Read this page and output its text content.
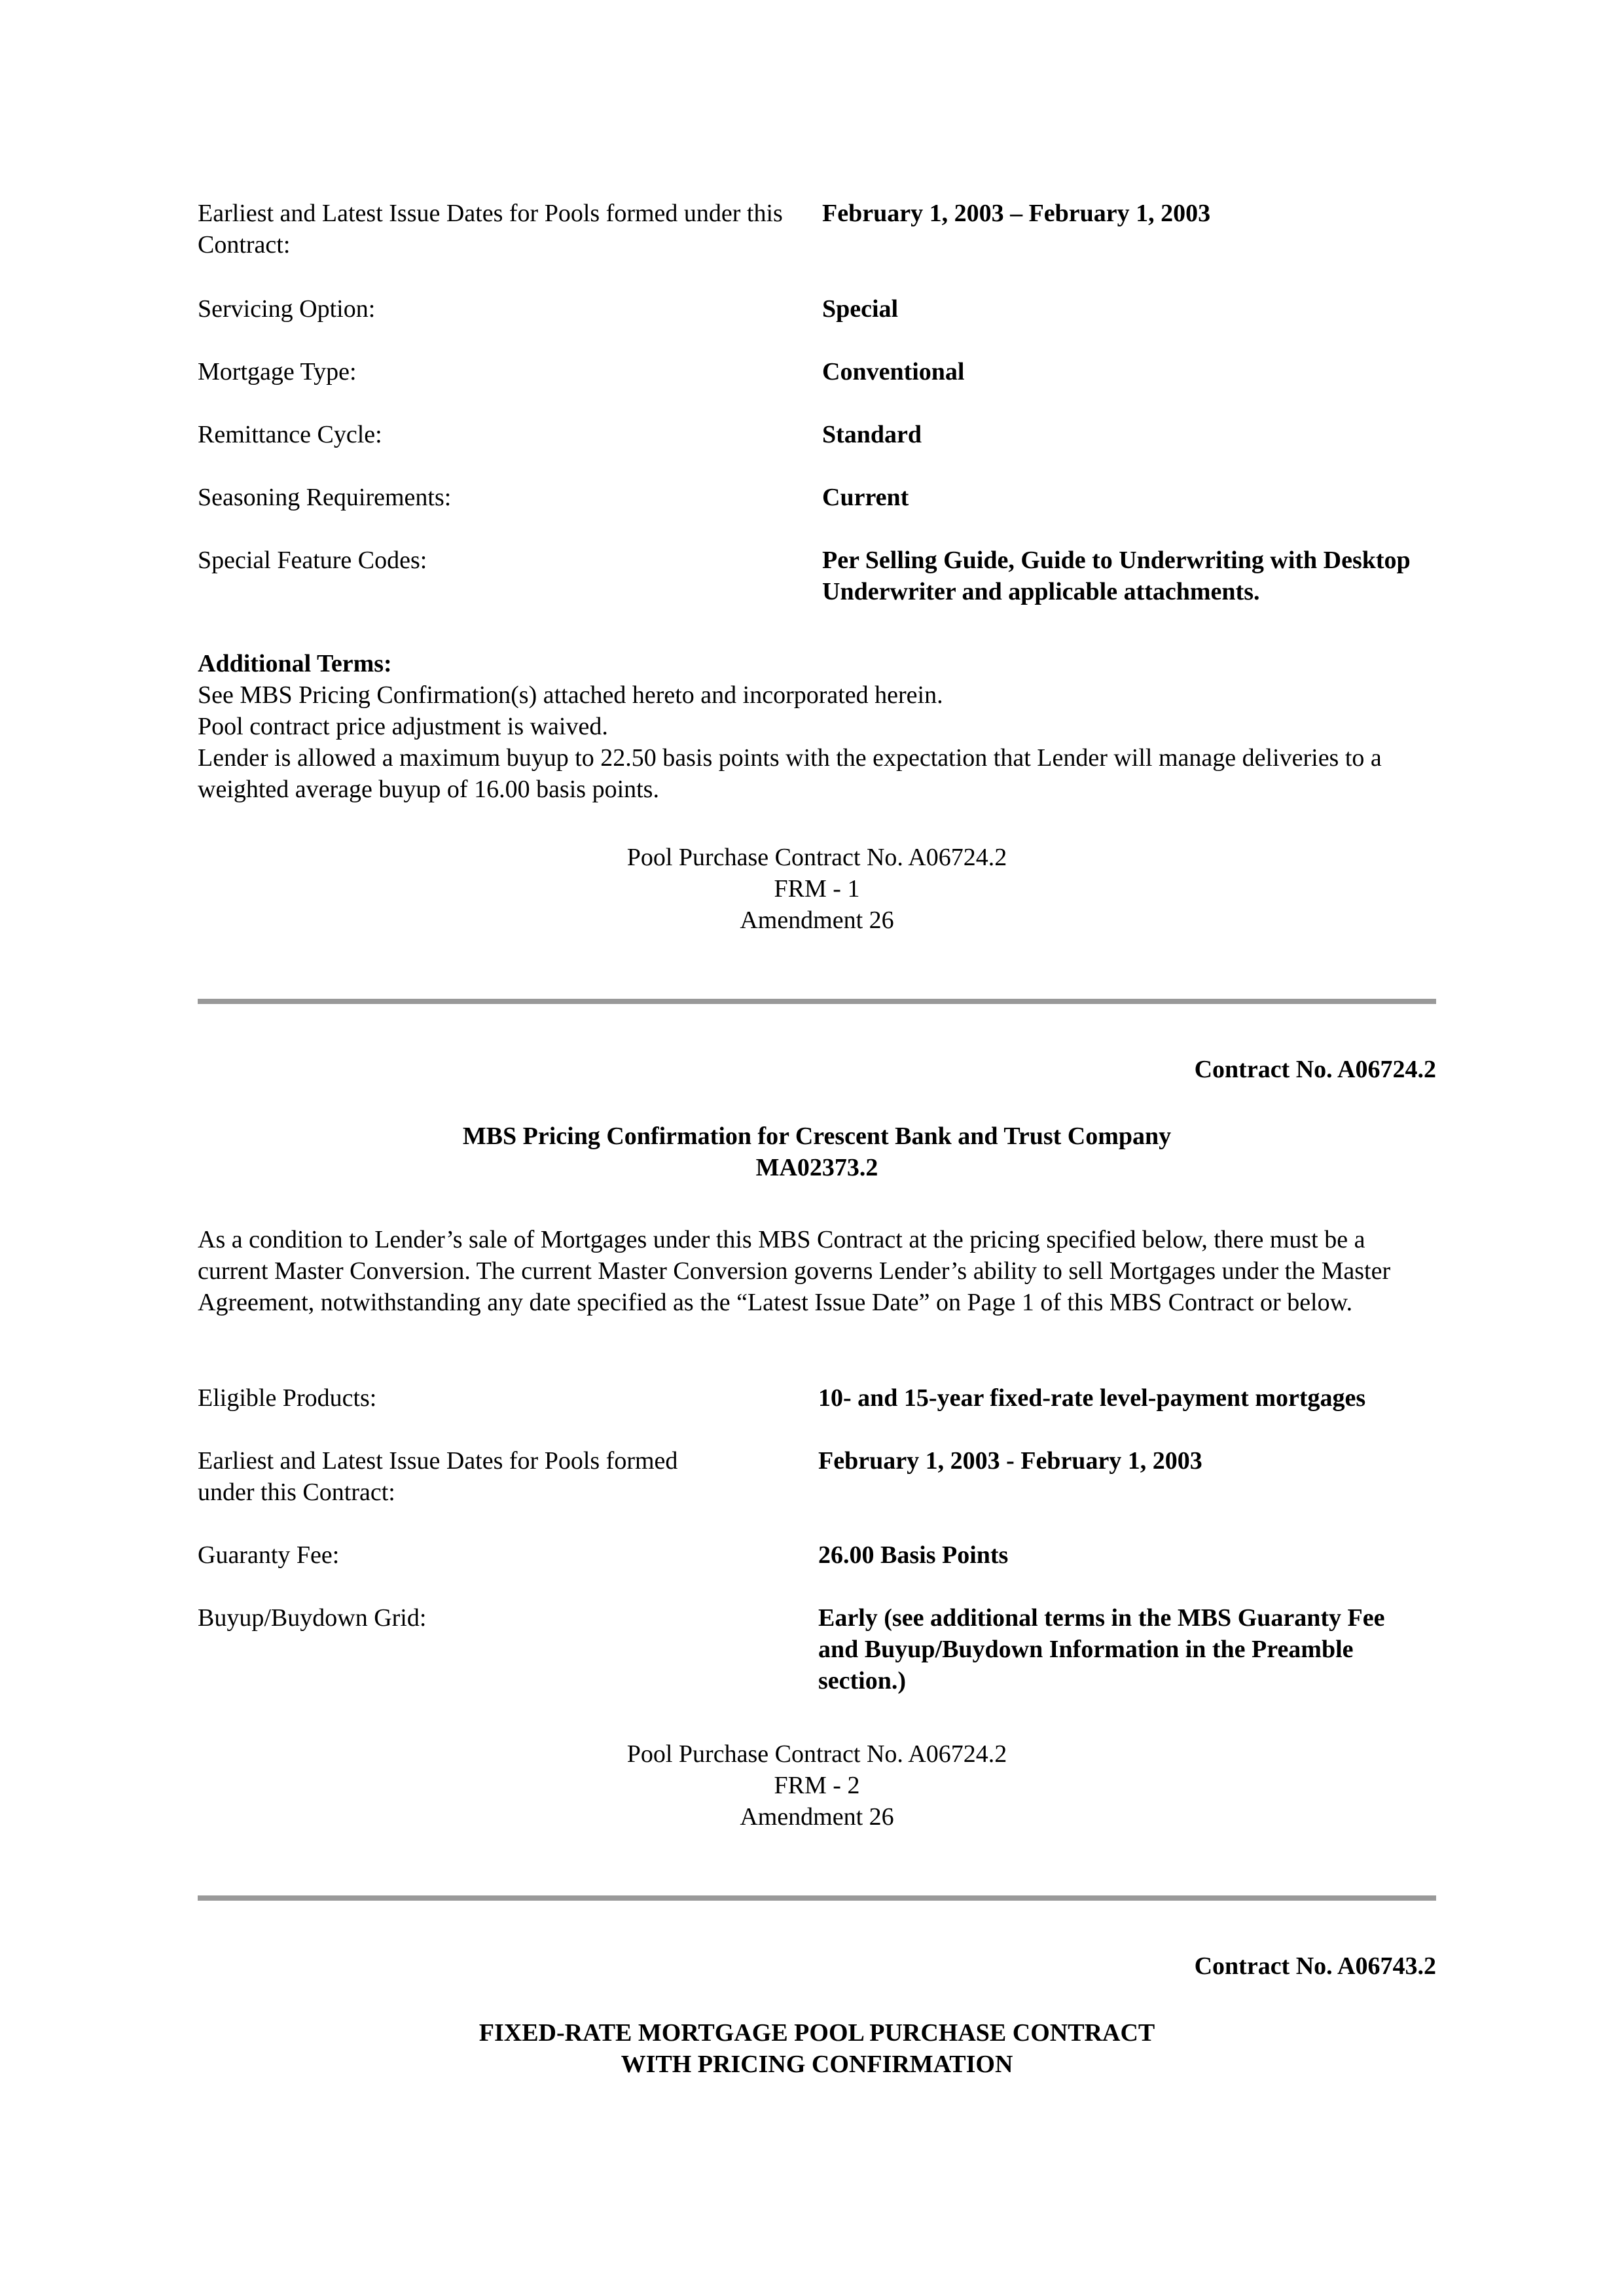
Earliest and Latest Issue Dates for Pools formed under this Contract:
February 1, 2003 – February 1, 2003
Servicing Option:	Special
Mortgage Type:	Conventional
Remittance Cycle:	Standard
Seasoning Requirements:	Current
Special Feature Codes:	Per Selling Guide, Guide to Underwriting with Desktop Underwriter and applicable attachments.
Additional Terms:
See MBS Pricing Confirmation(s) attached hereto and incorporated herein.
Pool contract price adjustment is waived.
Lender is allowed a maximum buyup to 22.50 basis points with the expectation that Lender will manage deliveries to a weighted average buyup of 16.00 basis points.
Pool Purchase Contract No. A06724.2
FRM - 1
Amendment 26
Contract No. A06724.2
MBS Pricing Confirmation for Crescent Bank and Trust Company
MA02373.2
As a condition to Lender’s sale of Mortgages under this MBS Contract at the pricing specified below, there must be a current Master Conversion. The current Master Conversion governs Lender’s ability to sell Mortgages under the Master Agreement, notwithstanding any date specified as the “Latest Issue Date” on Page 1 of this MBS Contract or below.
Eligible Products:	10- and 15-year fixed-rate level-payment mortgages
Earliest and Latest Issue Dates for Pools formed under this Contract:
February 1, 2003 - February 1, 2003
Guaranty Fee:	26.00 Basis Points
Buyup/Buydown Grid:	Early (see additional terms in the MBS Guaranty Fee and Buyup/Buydown Information in the Preamble section.)
Pool Purchase Contract No. A06724.2
FRM - 2
Amendment 26
Contract No. A06743.2
FIXED-RATE MORTGAGE POOL PURCHASE CONTRACT
WITH PRICING CONFIRMATION
